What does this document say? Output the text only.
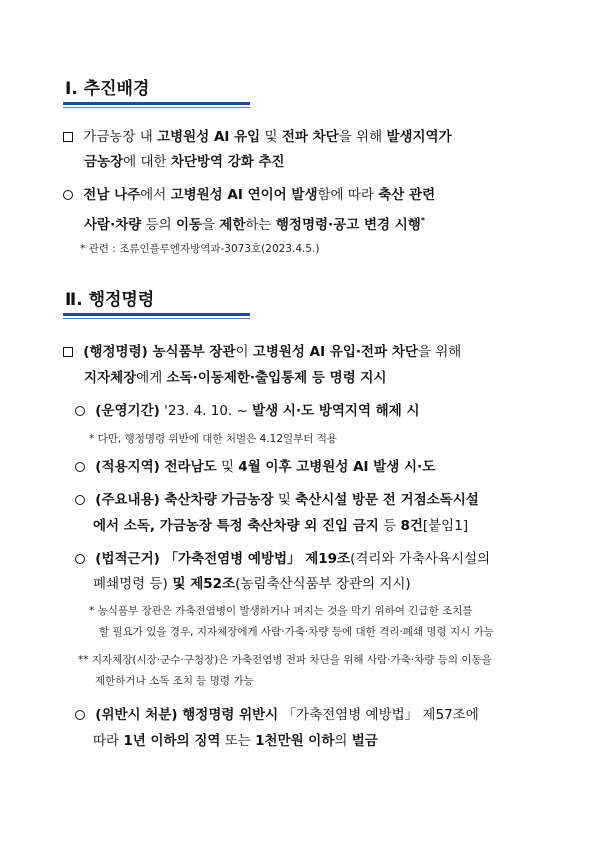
Ⅰ. 추진배경
가금농장 내 고병원성 AI 유입 및 전파 차단을 위해 발생지역가
금농장에 대한 차단방역 강화 추진
전남 나주에서 고병원성 AI 연이어 발생함에 따라 축산 관련
사람·차량 등의 이동을 제한하는 행정명령·공고 변경 시행*
* 관련 : 조류인플루엔자방역과-3073호(2023.4.5.)
Ⅱ. 행정명령
(행정명령) 농식품부 장관이 고병원성 AI 유입·전파 차단을 위해
지자체장에게 소독·이동제한·출입통제 등 명령 지시
(운영기간) '23. 4. 10. ~ 발생 시·도 방역지역 해제 시
* 다만, 행정명령 위반에 대한 처벌은 4.12일부터 적용
(적용지역) 전라남도 및 4월 이후 고병원성 AI 발생 시·도
(주요내용) 축산차량 가금농장 및 축산시설 방문 전 거점소독시설
에서 소독, 가금농장 특정 축산차량 외 진입 금지 등 8건[붙임1]
(법적근거) 「가축전염병 예방법」 제19조(격리와 가축사육시설의
폐쇄명령 등) 및 제52조(농림축산식품부 장관의 지시)
* 농식품부 장관은 가축전염병이 발생하거나 퍼지는 것을 막기 위하여 긴급한 조치를
할 필요가 있을 경우, 지자체장에게 사람·가축·차량 등에 대한 격리·폐쇄 명령 지시 가능
** 지자체장(시장·군수·구청장)은 가축전염병 전파 차단을 위해 사람·가축·차량 등의 이동을
제한하거나 소독 조치 등 명령 가능
(위반시 처분) 행정명령 위반시 「가축전염병 예방법」 제57조에
따라 1년 이하의 징역 또는 1천만원 이하의 벌금
